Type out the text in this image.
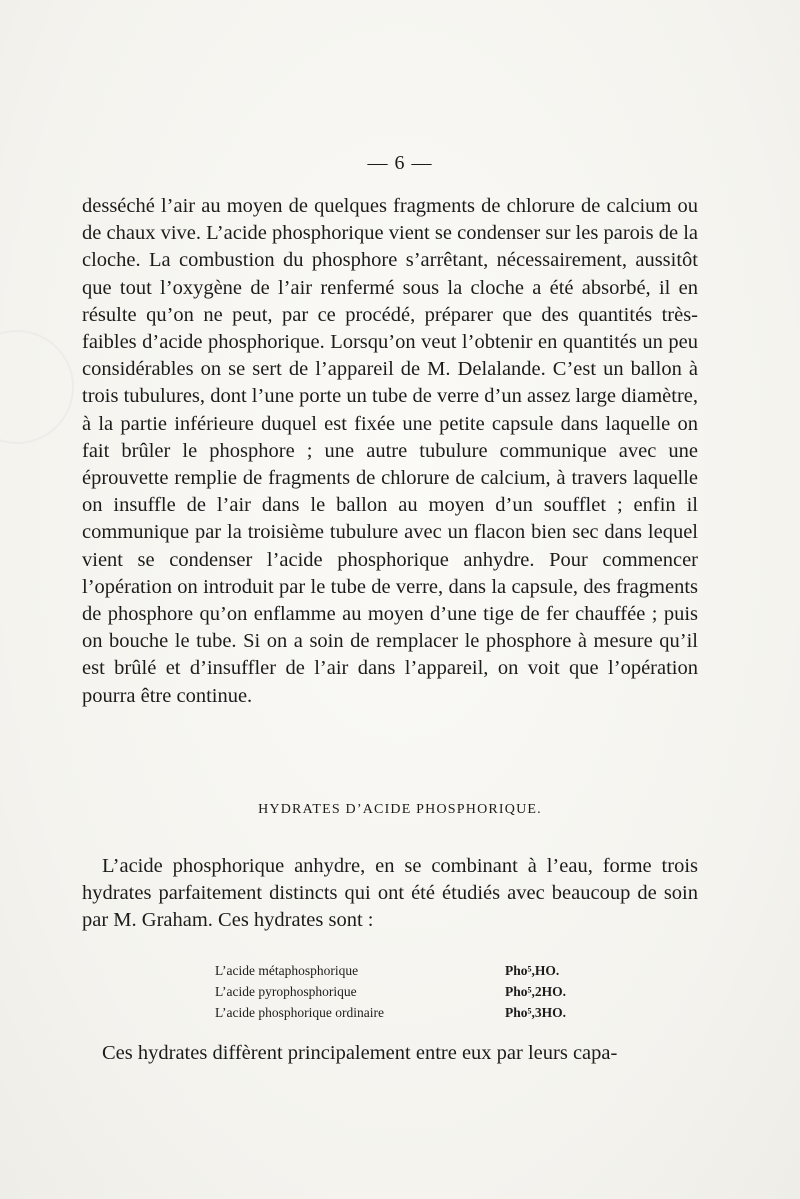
— 6 —

desséché l’air au moyen de quelques fragments de chlorure de calcium ou de chaux vive. L’acide phosphorique vient se condenser sur les parois de la cloche. La combustion du phosphore s’arrêtant, nécessairement, aussitôt que tout l’oxygène de l’air renfermé sous la cloche a été absorbé, il en résulte qu’on ne peut, par ce procédé, préparer que des quantités très-faibles d’acide phosphorique. Lorsqu’on veut l’obtenir en quantités un peu considérables on se sert de l’appareil de M. Delalande. C’est un ballon à trois tubulures, dont l’une porte un tube de verre d’un assez large diamètre, à la partie inférieure duquel est fixée une petite capsule dans laquelle on fait brûler le phosphore ; une autre tubulure communique avec une éprouvette remplie de fragments de chlorure de calcium, à travers laquelle on insuffle de l’air dans le ballon au moyen d’un soufflet ; enfin il communique par la troisième tubulure avec un flacon bien sec dans lequel vient se condenser l’acide phosphorique anhydre. Pour commencer l’opération on introduit par le tube de verre, dans la capsule, des fragments de phosphore qu’on enflamme au moyen d’une tige de fer chauffée ; puis on bouche le tube. Si on a soin de remplacer le phosphore à mesure qu’il est brûlé et d’insuffler de l’air dans l’appareil, on voit que l’opération pourra être continue.

HYDRATES D’ACIDE PHOSPHORIQUE.

L’acide phosphorique anhydre, en se combinant à l’eau, forme trois hydrates parfaitement distincts qui ont été étudiés avec beaucoup de soin par M. Graham. Ces hydrates sont :

L’acide métaphosphorique	Pho⁵,HO.
L’acide pyrophosphorique	Pho⁵,2HO.
L’acide phosphorique ordinaire	Pho⁵,3HO.

Ces hydrates diffèrent principalement entre eux par leurs capa-
